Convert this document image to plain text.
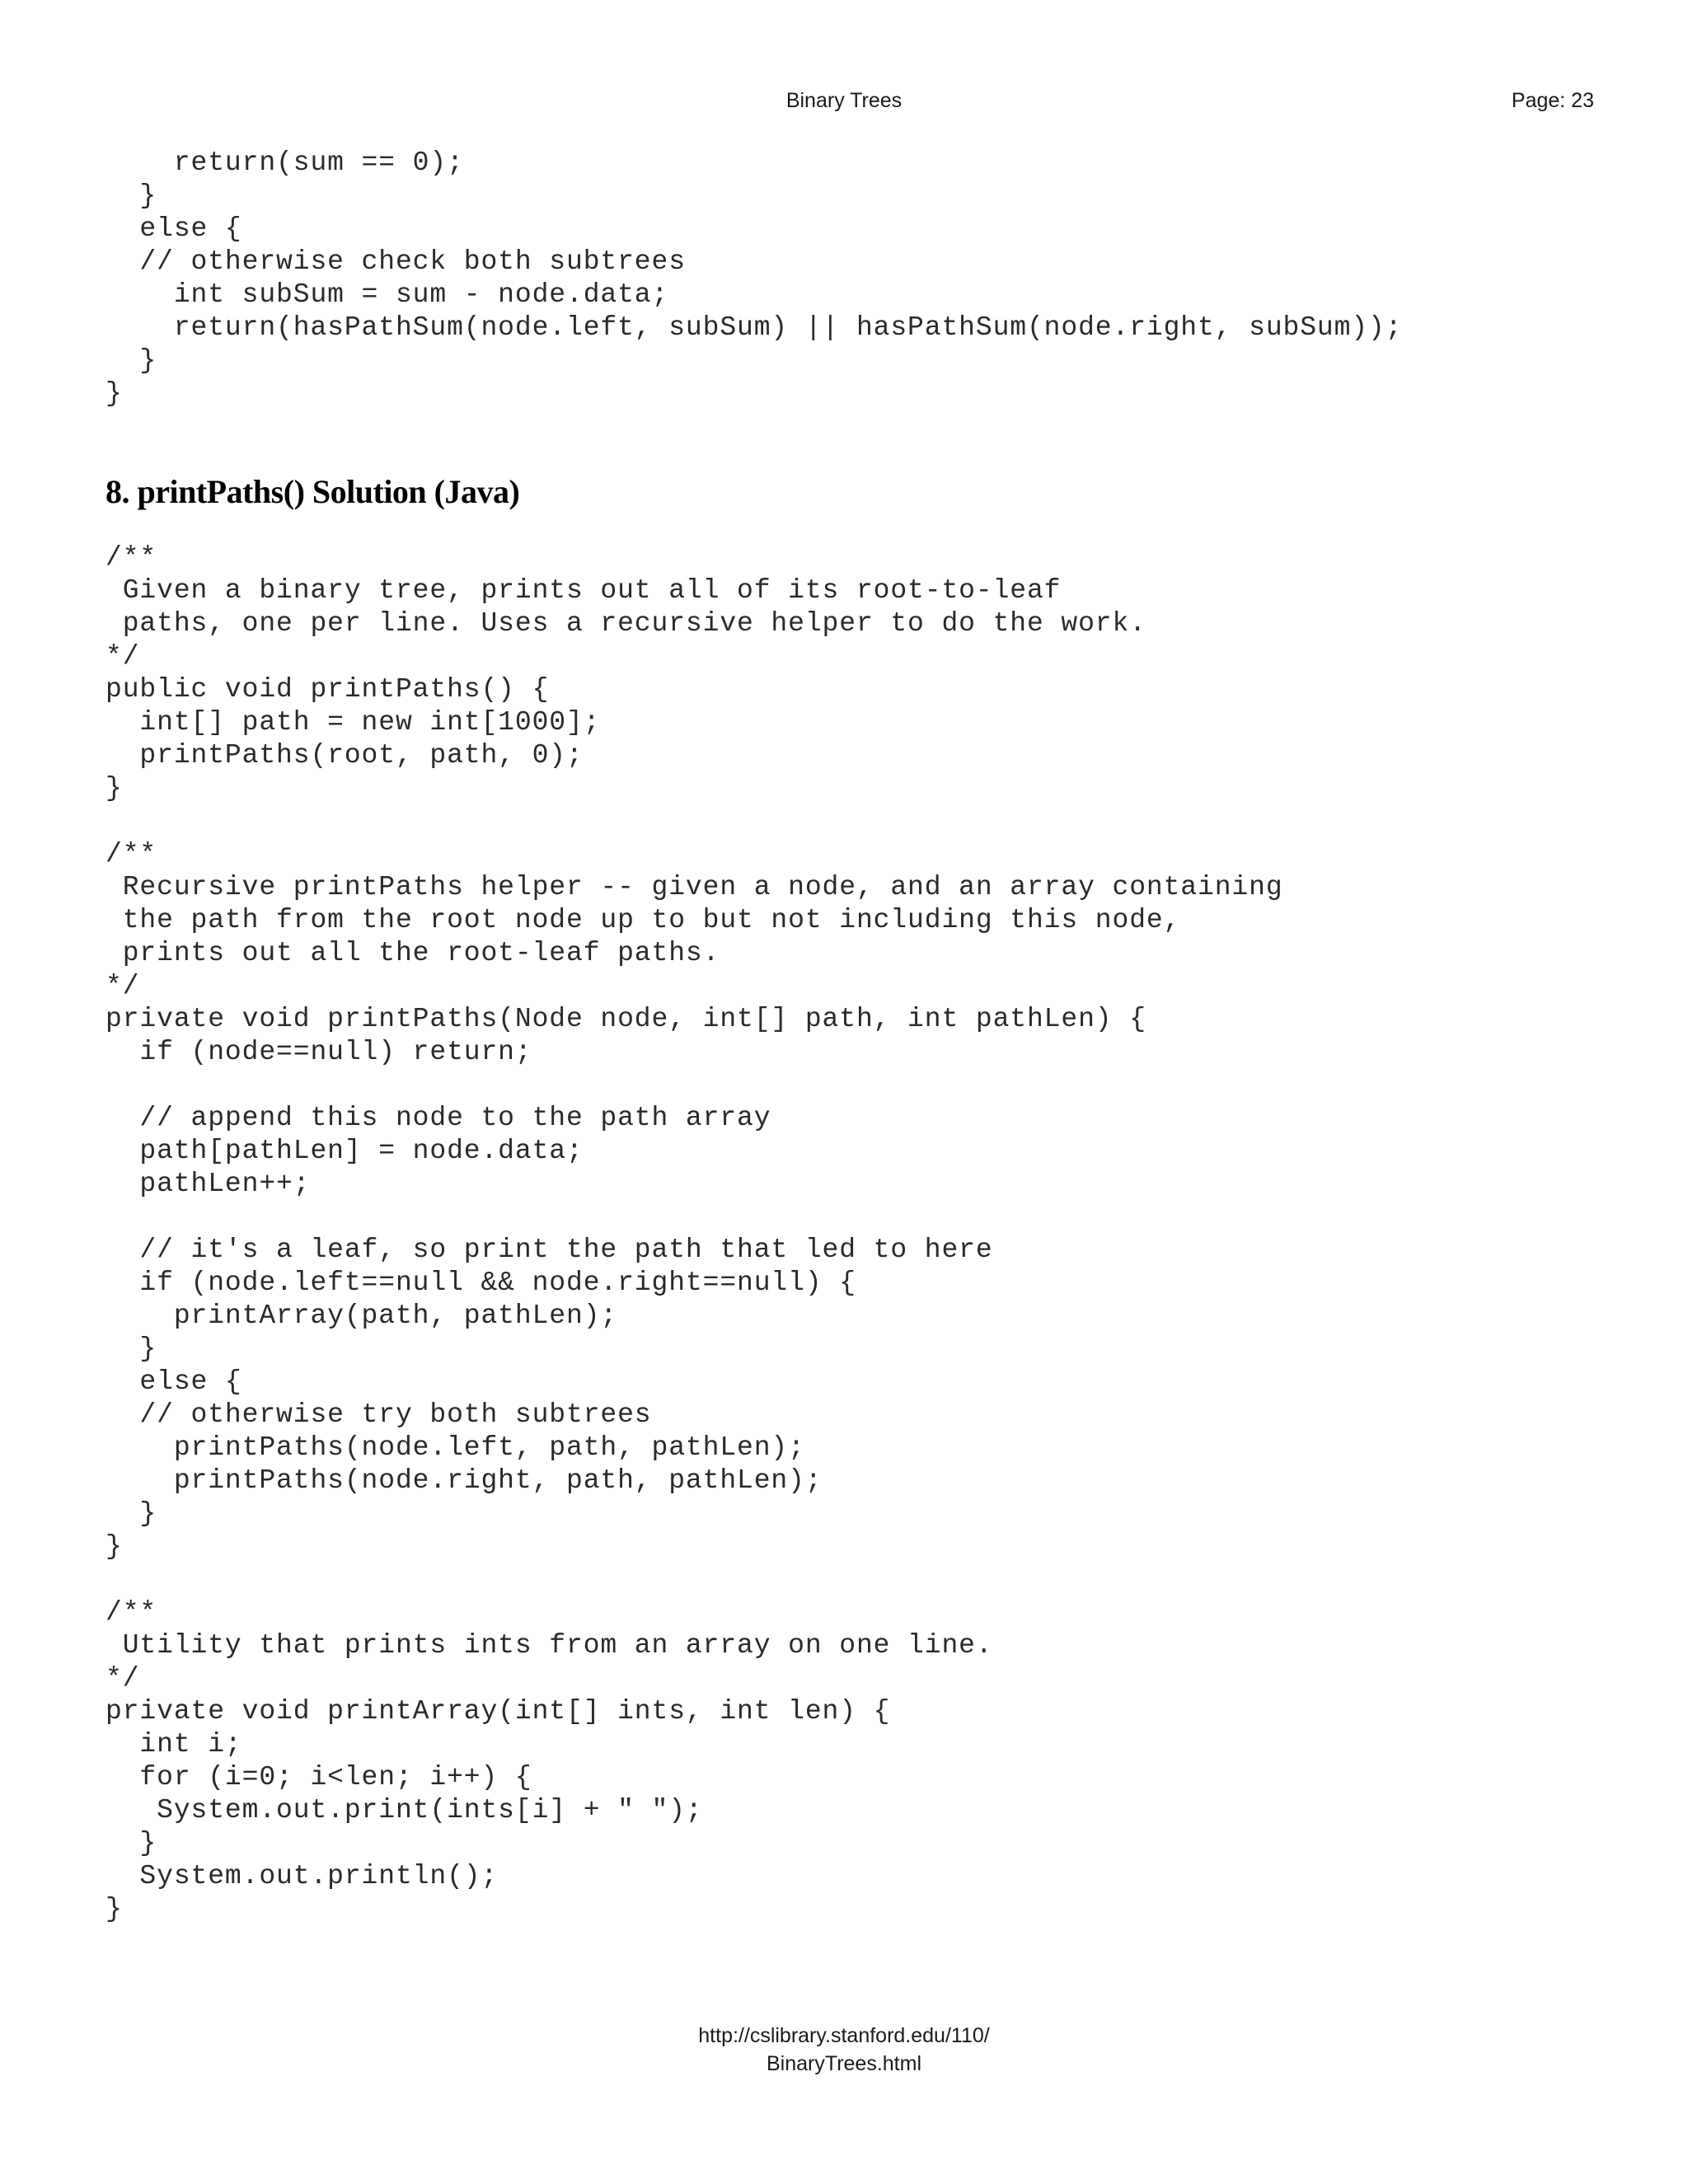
Binary Trees	Page: 23
return(sum == 0);
}
else {
// otherwise check both subtrees
int subSum = sum - node.data;
return(hasPathSum(node.left, subSum) || hasPathSum(node.right, subSum));
}
}
8. printPaths() Solution (Java)
/**
Given a binary tree, prints out all of its root-to-leaf
paths, one per line. Uses a recursive helper to do the work.
*/
public void printPaths() {
int[] path = new int[1000];
printPaths(root, path, 0);
}

/**
Recursive printPaths helper -- given a node, and an array containing
the path from the root node up to but not including this node,
prints out all the root-leaf paths.
*/
private void printPaths(Node node, int[] path, int pathLen) {
if (node==null) return;

// append this node to the path array
path[pathLen] = node.data;
pathLen++;

// it's a leaf, so print the path that led to here
if (node.left==null && node.right==null) {
printArray(path, pathLen);
}
else {
// otherwise try both subtrees
printPaths(node.left, path, pathLen);
printPaths(node.right, path, pathLen);
}
}

/**
Utility that prints ints from an array on one line.
*/
private void printArray(int[] ints, int len) {
int i;
for (i=0; i<len; i++) {
System.out.print(ints[i] + " ");
}
System.out.println();
}
http://cslibrary.stanford.edu/110/
BinaryTrees.html
